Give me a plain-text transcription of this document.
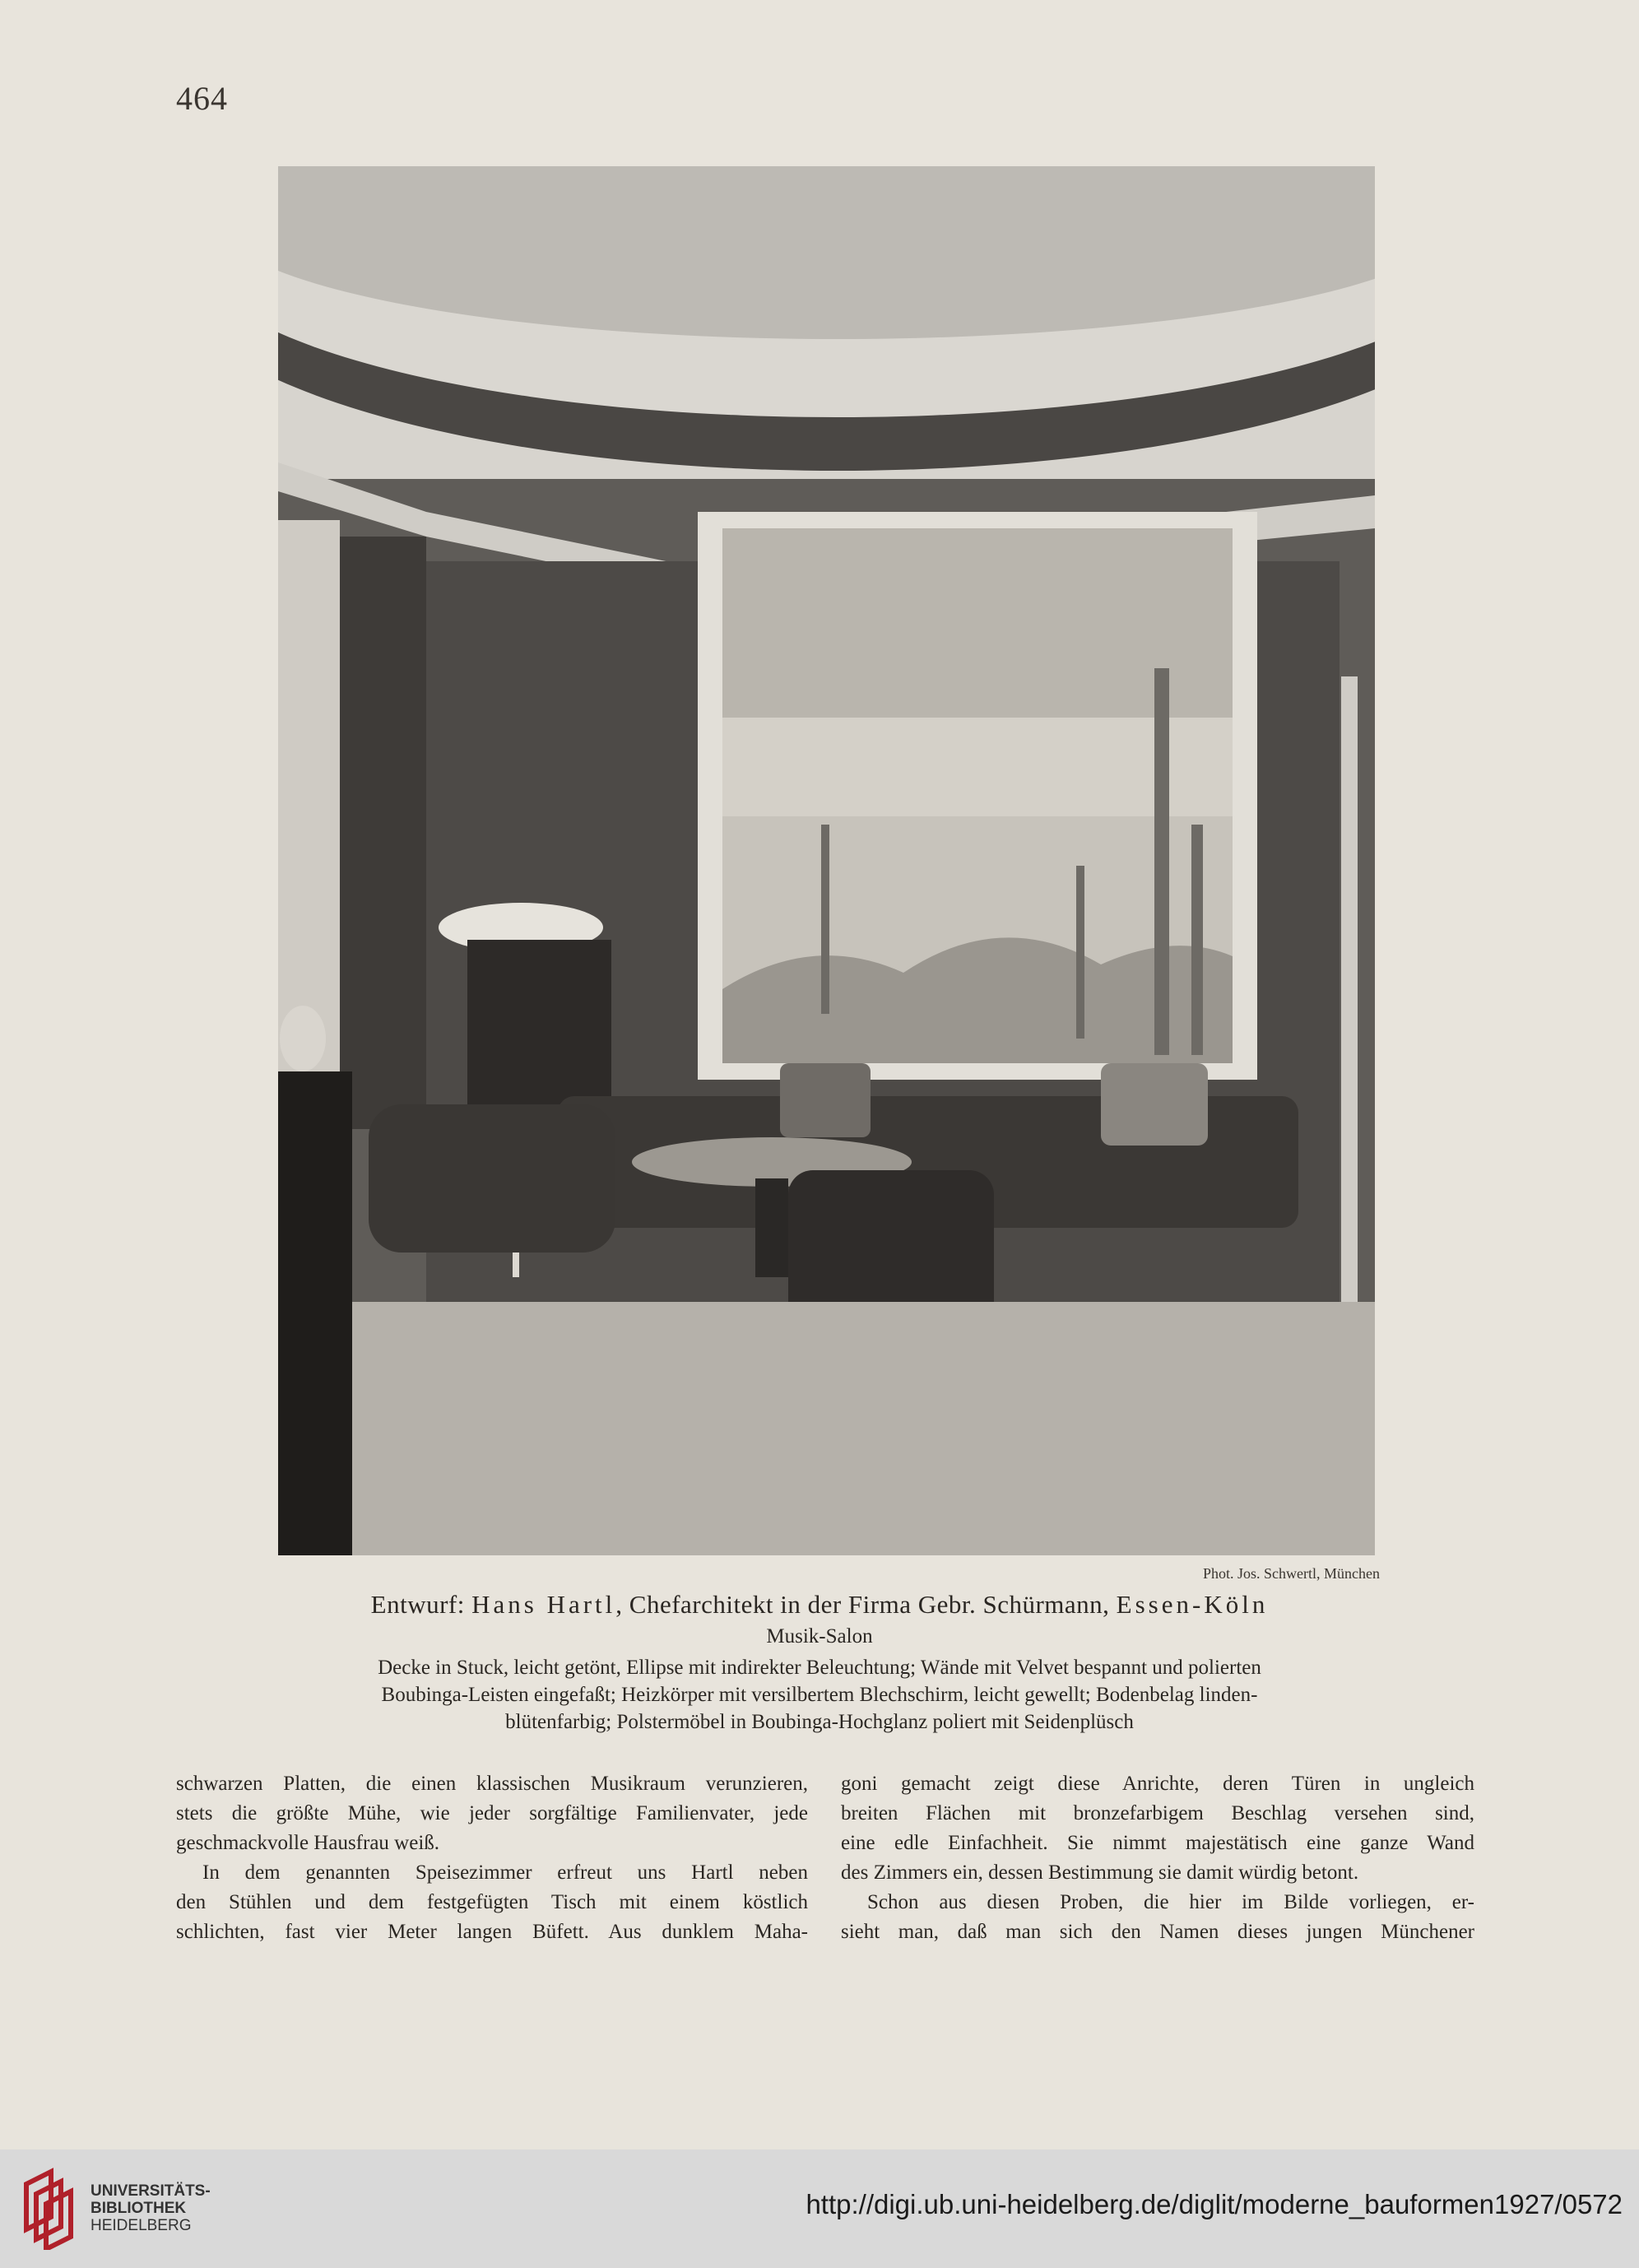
464
Phot. Jos. Schwertl, München
Entwurf: Hans Hartl, Chefarchitekt in der Firma Gebr. Schürmann, Essen-Köln
Musik-Salon
Decke in Stuck, leicht getönt, Ellipse mit indirekter Beleuchtung; Wände mit Velvet bespannt und polierten
Boubinga-Leisten eingefaßt; Heizkörper mit versilbertem Blechschirm, leicht gewellt; Bodenbelag linden-
blütenfarbig; Polstermöbel in Boubinga-Hochglanz poliert mit Seidenplüsch
schwarzen Platten, die einen klassischen Musikraum verunzieren,
stets die größte Mühe, wie jeder sorgfältige Familienvater, jede
geschmackvolle Hausfrau weiß.
In dem genannten Speisezimmer erfreut uns Hartl neben
den Stühlen und dem festgefügten Tisch mit einem köstlich
schlichten, fast vier Meter langen Büfett. Aus dunklem Maha-
goni gemacht zeigt diese Anrichte, deren Türen in ungleich
breiten Flächen mit bronzefarbigem Beschlag versehen sind,
eine edle Einfachheit. Sie nimmt majestätisch eine ganze Wand
des Zimmers ein, dessen Bestimmung sie damit würdig betont.
Schon aus diesen Proben, die hier im Bilde vorliegen, er-
sieht man, daß man sich den Namen dieses jungen Münchener
UNIVERSITÄTS-
BIBLIOTHEK
HEIDELBERG
http://digi.ub.uni-heidelberg.de/diglit/moderne_bauformen1927/0572
